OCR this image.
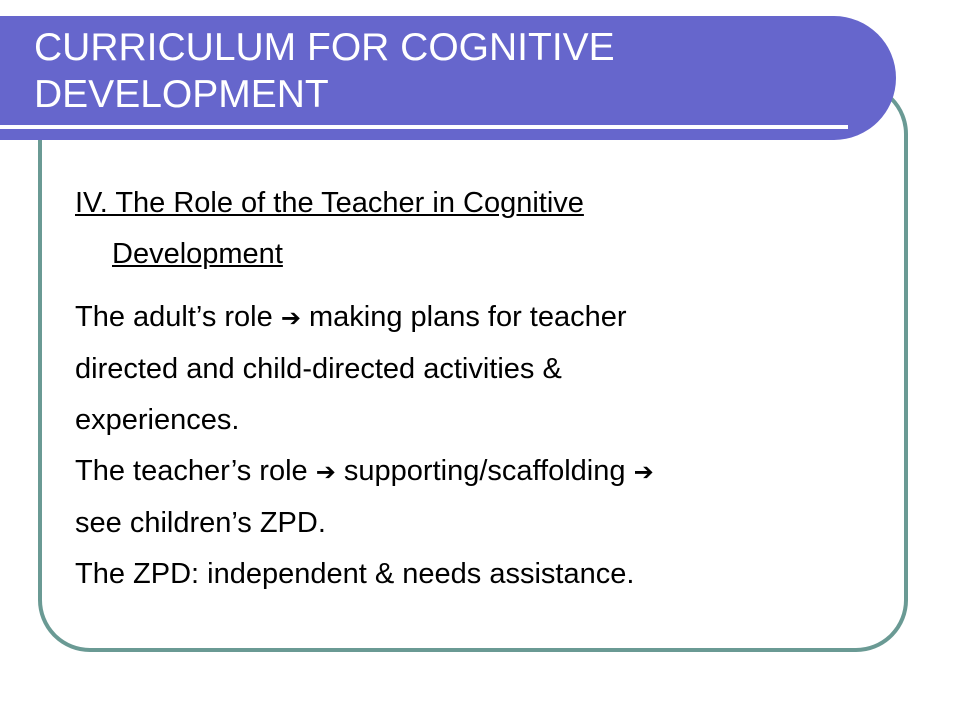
CURRICULUM FOR COGNITIVE DEVELOPMENT
IV. The Role of the Teacher in Cognitive
Development
The adult’s role ➔ making plans for teacher
directed and child-directed activities &
experiences.
The teacher’s role ➔ supporting/scaffolding ➔
see children’s ZPD.
The ZPD: independent & needs assistance.
